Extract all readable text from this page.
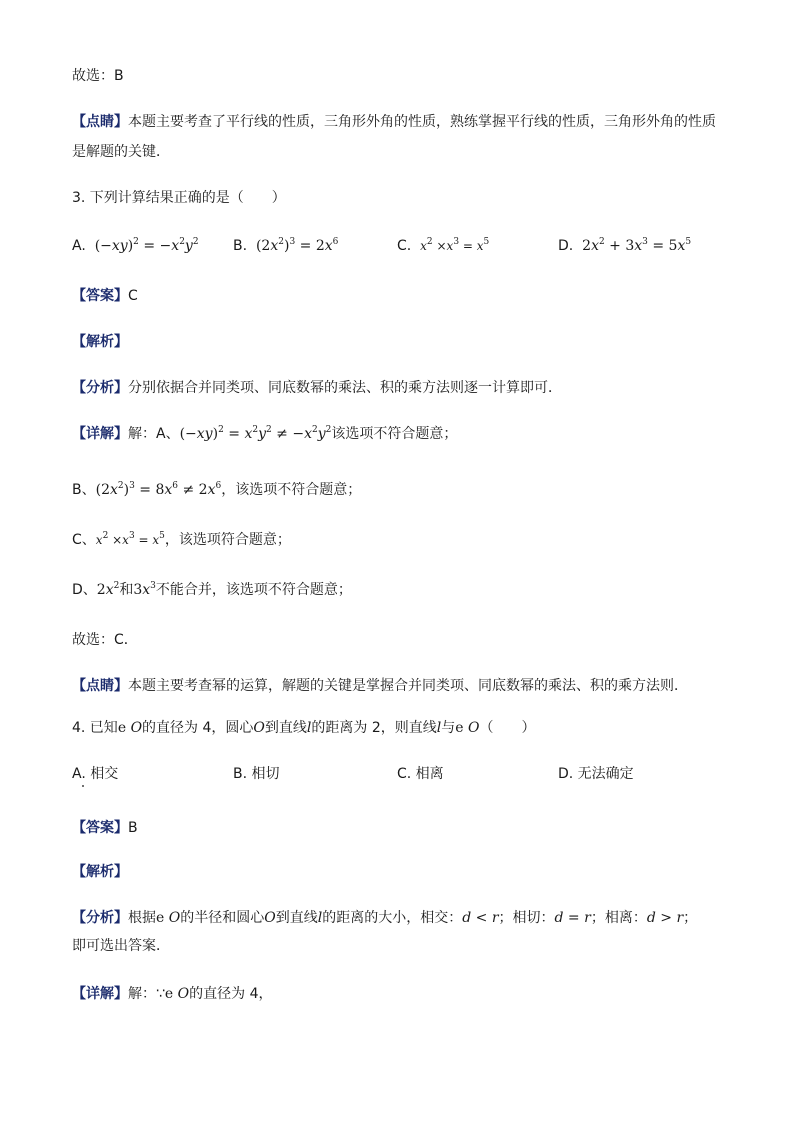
故选：B
【点睛】本题主要考查了平行线的性质，三角形外角的性质，熟练掌握平行线的性质，三角形外角的性质
是解题的关键．
3. 下列计算结果正确的是（　　）
A. $(-xy)^2 = -x^2y^2$ B. $(2x^2)^3 = 2x^6$	C. $x^2 \times x^3 = x^5$	D. $2x^2 + 3x^3 = 5x^5$
【答案】C
【解析】
【分析】分别依据合并同类项、同底数幂的乘法、积的乘方法则逐一计算即可．
【详解】解：A、$(-xy)^2 = x^2y^2 \ne -x^2y^2$该选项不符合题意；
B、$(2x^2)^3 = 8x^6 \ne 2x^6$，该选项不符合题意；
C、$x^2 \times x^3 = x^5$，该选项符合题意；
D、$2x^2$和$3x^3$不能合并，该选项不符合题意；
故选：C．
【点睛】本题主要考查幂的运算，解题的关键是掌握合并同类项、同底数幂的乘法、积的乘方法则．
4. 已知e O的直径为 4，圆心O到直线l的距离为 2，则直线l与e O（　　）
A. 相交	B. 相切	C. 相离	D. 无法确定
【答案】B
【解析】
【分析】根据e O的半径和圆心O到直线l的距离的大小，相交：d < r；相切：d = r；相离：d > r；
即可选出答案．
【详解】解：∵e O的直径为 4，
